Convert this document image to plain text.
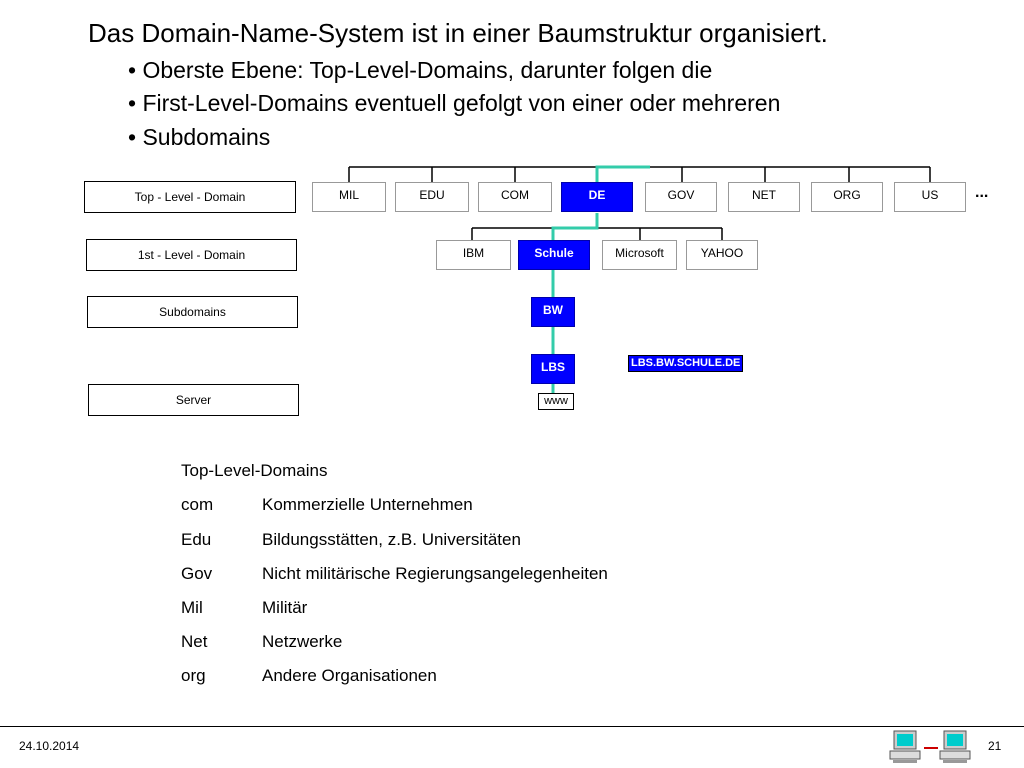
Das Domain-Name-System ist in einer Baumstruktur organisiert.
• Oberste Ebene: Top-Level-Domains, darunter folgen die
• First-Level-Domains eventuell gefolgt von einer oder mehreren
• Subdomains
Top - Level - Domain
1st - Level - Domain
Subdomains
Server
MIL	EDU	COM	DE	GOV	NET	ORG	US	...
IBM	Schule	Microsoft	YAHOO
BW
LBS	LBS.BW.SCHULE.DE
www
Top-Level-Domains
com	Kommerzielle Unternehmen
Edu	Bildungsstätten, z.B. Universitäten
Gov	Nicht militärische Regierungsangelegenheiten
Mil	Militär
Net	Netzwerke
org	Andere Organisationen
24.10.2014	21
